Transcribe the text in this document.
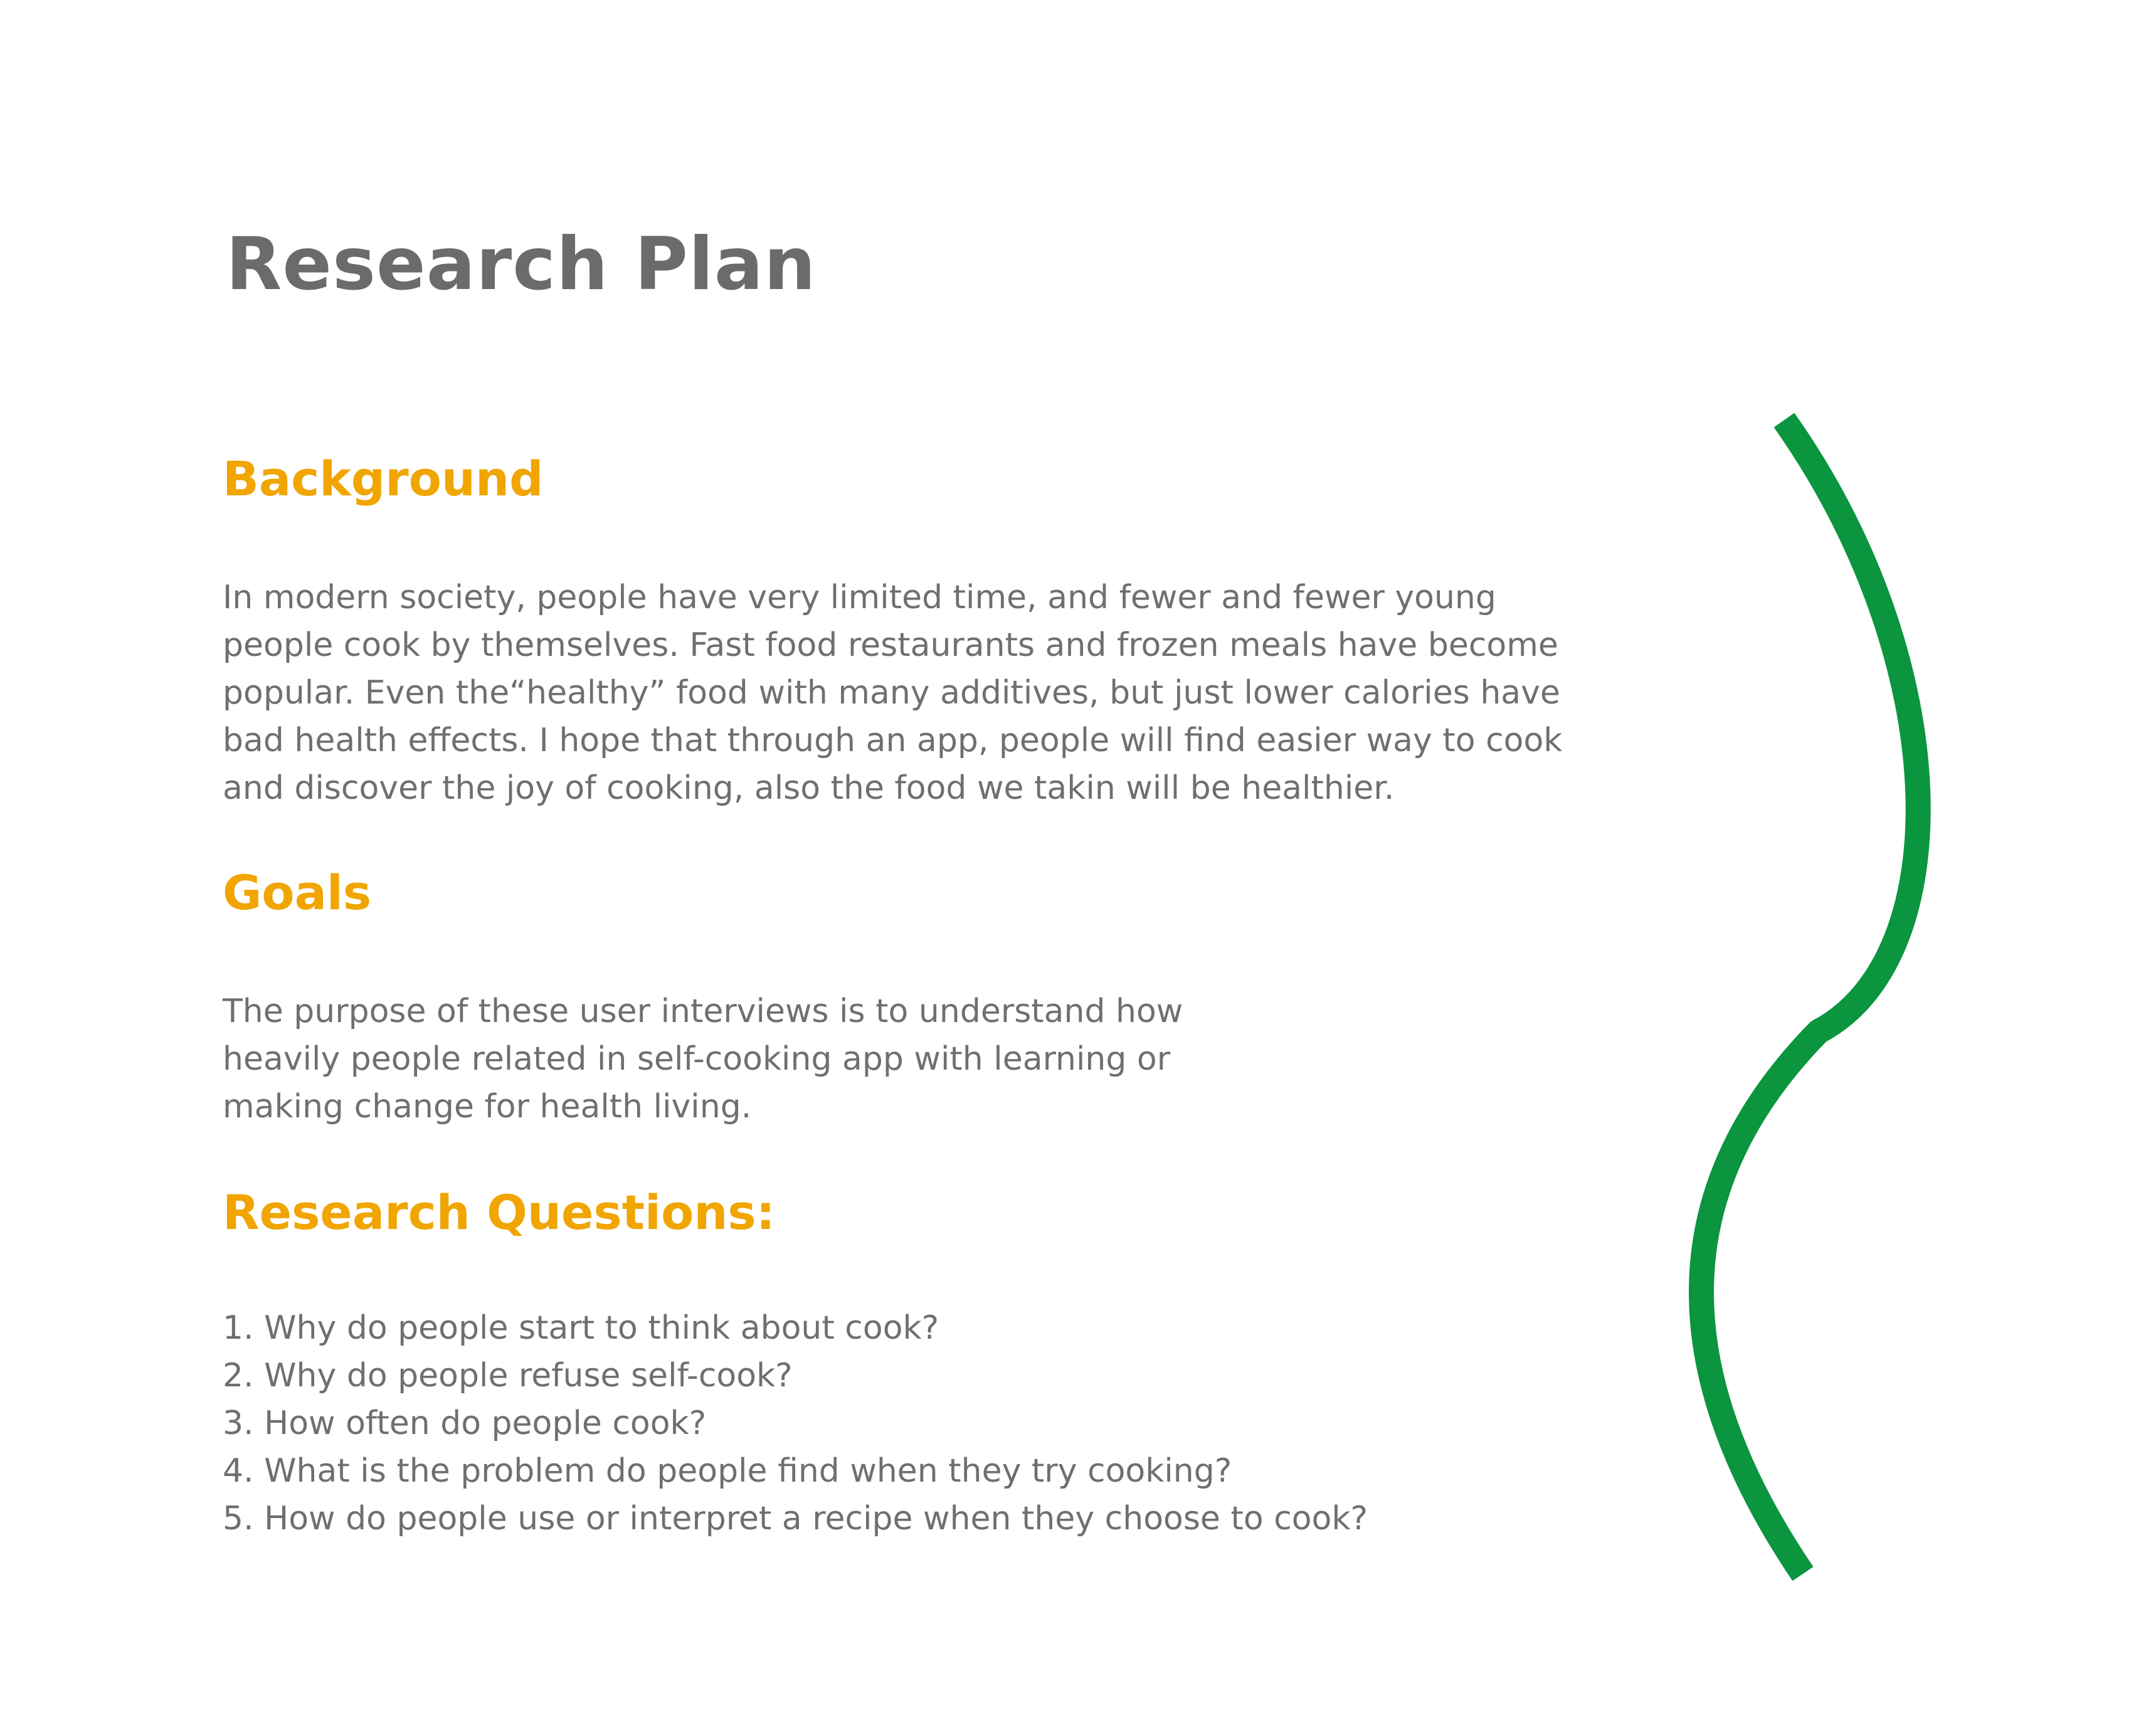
Research Plan
Background

In modern society, people have very limited time, and fewer and fewer young
people cook by themselves. Fast food restaurants and frozen meals have become
popular. Even the“healthy” food with many additives, but just lower calories have
bad health effects. I hope that through an app, people will find easier way to cook
and discover the joy of cooking, also the food we takin will be healthier.

Goals

The purpose of these user interviews is to understand how
heavily people related in self-cooking app with learning or
making change for health living.

Research Questions:
1. Why do people start to think about cook?
2. Why do people refuse self-cook?
3. How often do people cook?
4. What is the problem do people find when they try cooking?
5. How do people use or interpret a recipe when they choose to cook?
